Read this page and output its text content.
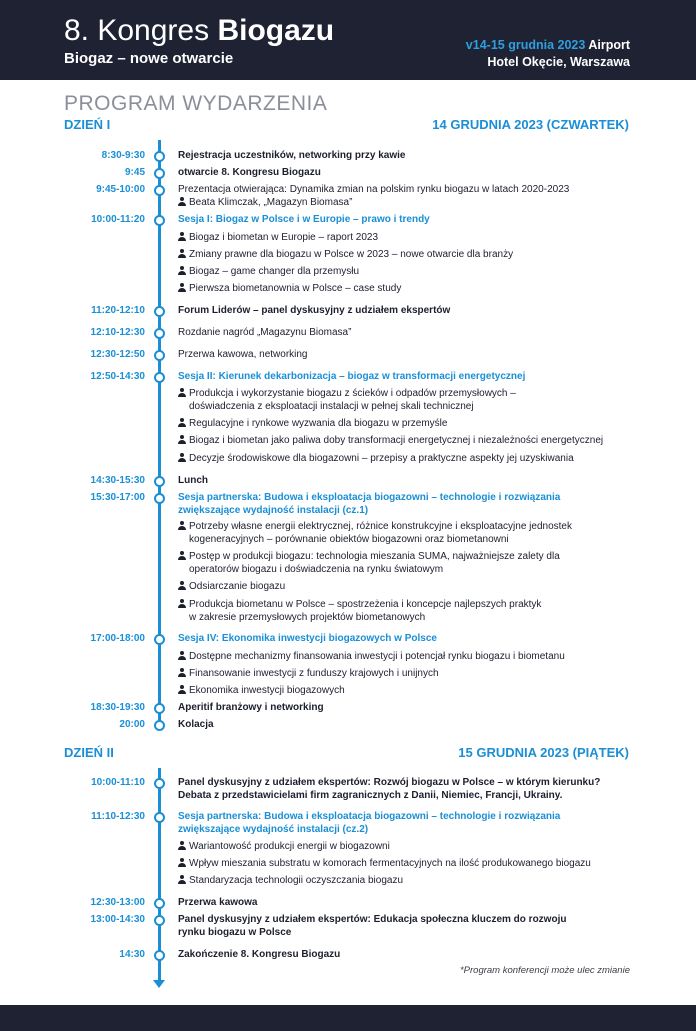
8. Kongres Biogazu
Biogaz – nowe otwarcie
v14-15 grudnia 2023 Airport
Hotel Okęcie, Warszawa
PROGRAM WYDARZENIA
DZIEŃ I	14 GRUDNIA 2023 (CZWARTEK)
8:30-9:30	Rejestracja uczestników, networking przy kawie
9:45	otwarcie 8. Kongresu Biogazu
9:45-10:00	Prezentacja otwierająca: Dynamika zmian na polskim rynku biogazu w latach 2020-2023
Beata Klimczak, „Magazyn Biomasa”
10:00-11:20	Sesja I: Biogaz w Polsce i w Europie – prawo i trendy
Biogaz i biometan w Europie – raport 2023
Zmiany prawne dla biogazu w Polsce w 2023 – nowe otwarcie dla branży
Biogaz – game changer dla przemysłu
Pierwsza biometanownia w Polsce – case study
11:20-12:10	Forum Liderów – panel dyskusyjny z udziałem ekspertów
12:10-12:30	Rozdanie nagród „Magazynu Biomasa”
12:30-12:50	Przerwa kawowa, networking
12:50-14:30	Sesja II: Kierunek dekarbonizacja – biogaz w transformacji energetycznej
Produkcja i wykorzystanie biogazu z ścieków i odpadów przemysłowych –
doświadczenia z eksploatacji instalacji w pełnej skali technicznej
Regulacyjne i rynkowe wyzwania dla biogazu w przemyśle
Biogaz i biometan jako paliwa doby transformacji energetycznej i niezależności energetycznej
Decyzje środowiskowe dla biogazowni – przepisy a praktyczne aspekty jej uzyskiwania
14:30-15:30	Lunch
15:30-17:00	Sesja partnerska: Budowa i eksploatacja biogazowni – technologie i rozwiązania
zwiększające wydajność instalacji (cz.1)
Potrzeby własne energii elektrycznej, różnice konstrukcyjne i eksploatacyjne jednostek
kogeneracyjnych – porównanie obiektów biogazowni oraz biometanowni
Postęp w produkcji biogazu: technologia mieszania SUMA, najważniejsze zalety dla
operatorów biogazu i doświadczenia na rynku światowym
Odsiarczanie biogazu
Produkcja biometanu w Polsce – spostrzeżenia i koncepcje najlepszych praktyk
w zakresie przemysłowych projektów biometanowych
17:00-18:00	Sesja IV: Ekonomika inwestycji biogazowych w Polsce
Dostępne mechanizmy finansowania inwestycji i potencjał rynku biogazu i biometanu
Finansowanie inwestycji z funduszy krajowych i unijnych
Ekonomika inwestycji biogazowych
18:30-19:30	Aperitif branżowy i networking
20:00	Kolacja
DZIEŃ II	15 GRUDNIA 2023 (PIĄTEK)
10:00-11:10	Panel dyskusyjny z udziałem ekspertów: Rozwój biogazu w Polsce – w którym kierunku?
Debata z przedstawicielami firm zagranicznych z Danii, Niemiec, Francji, Ukrainy.
11:10-12:30	Sesja partnerska: Budowa i eksploatacja biogazowni – technologie i rozwiązania
zwiększające wydajność instalacji (cz.2)
Wariantowość produkcji energii w biogazowni
Wpływ mieszania substratu w komorach fermentacyjnych na ilość produkowanego biogazu
Standaryzacja technologii oczyszczania biogazu
12:30-13:00	Przerwa kawowa
13:00-14:30	Panel dyskusyjny z udziałem ekspertów: Edukacja społeczna kluczem do rozwoju
rynku biogazu w Polsce
14:30	Zakończenie 8. Kongresu Biogazu
*Program konferencji może ulec zmianie
